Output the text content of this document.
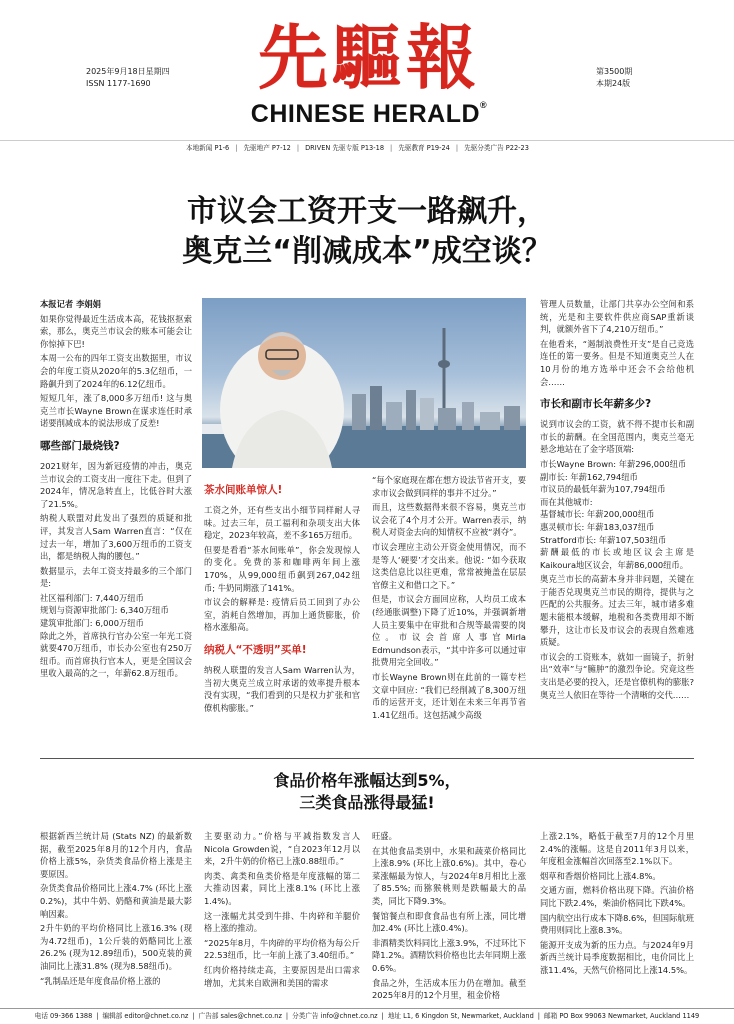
2025年9月18日星期四
ISSN 1177-1690	先驅報
CHINESE HERALD®
第3500期
本期24版
本地新闻 P1-6 | 先驱地产 P7-12 | DRIVEN 先驱专版 P13-18 | 先驱教育 P19-24 | 先驱分类广告 P22-23
市议会工资开支一路飙升，
奥克兰“削减成本”成空谈？

本报记者 李娟娟

如果你觉得最近生活成本高，花钱抠抠索索，那么，奥克兰市议会的账本可能会让你惊掉下巴!

本周一公布的四年工资支出数据里，市议会的年度工资从2020年的5.3亿纽币，一路飙升到了2024年的6.12亿纽币。

短短几年，涨了8,000多万纽币! 这与奥克兰市长Wayne Brown在谋求连任时承诺要削减成本的说法形成了反差!

哪些部门最烧钱?

2021财年，因为新冠疫情的冲击，奥克兰市议会的工资支出一度往下走。但到了2024年，情况急转直上，比低谷时大涨了21.5%。

纳税人联盟对此发出了强烈的质疑和批评，其发言人Sam Warren直言：“仅在过去一年，增加了3,600万纽币的工资支出，都是纳税人掏的腰包。”

数据显示，去年工资支持最多的三个部门是:

社区福利部门: 7,440万纽币
规划与资源审批部门: 6,340万纽币
建筑审批部门: 6,000万纽币

除此之外，首席执行官办公室一年光工资就要470万纽币，市长办公室也有250万纽币。而首席执行官本人，更是全国议会里收入最高的之一，年薪62.8万纽币。

茶水间账单惊人!

工资之外，还有些支出小细节同样耐人寻味。过去三年，员工福利和杂项支出大体稳定，2023年较高，差不多165万纽币。

但要是看看“茶水间账单”，你会发现惊人的变化。免费的茶和咖啡两年间上涨170%，从99,000纽币飙到267,042纽币; 牛奶同期涨了141%。

市议会的解释是: 疫情后员工回到了办公室，消耗自然增加，再加上通货膨胀，价格水涨船高。

纳税人“不透明”买单!

纳税人联盟的发言人Sam Warren认为，当初大奥克兰成立时承诺的效率提升根本没有实现，“我们看到的只是权力扩张和官僚机构膨胀。”

“每个家庭现在都在想方设法节省开支，要求市议会做到同样的事并不过分。”

而且，这些数据得来很不容易，奥克兰市议会花了4个月才公开。Warren表示，纳税人对资金去向的知情权不应被“剥夺”。

市议会理应主动公开资金使用情况，而不是等人‘硬要’才交出来。他说: “如今获取这类信息比以往更难，常常被掩盖在层层官僚主义和借口之下。”

但是，市议会方面回应称，人均员工成本(经通胀调整)下降了近10%，并强调新增人员主要集中在审批和合规等最需要的岗位。市议会首席人事官Mirla Edmundson表示，“其中许多可以通过审批费用完全回收。”

市长Wayne Brown则在此前的一篇专栏文章中回应: “我们已经削减了8,300万纽币的运营开支，还计划在未来三年再节省1.41亿纽币。这包括减少高级

管理人员数量，让部门共享办公空间和系统，光是和主要软件供应商SAP重新谈判，就额外省下了4,210万纽币。”

在他看来，“遏制浪费性开支”是自己竞选连任的第一要务。但是不知道奥克兰人在10月份的地方选举中还会不会给他机会……

市长和副市长年薪多少?

说到市议会的工资，就不得不提市长和副市长的薪酬。在全国范围内，奥克兰毫无悬念地站在了金字塔顶端:

市长Wayne Brown: 年薪296,000纽币
副市长: 年薪162,794纽币
市议员的最低年薪为107,794纽币
而在其他城市:
基督城市长: 年薪200,000纽币
惠灵顿市长: 年薪183,037纽币
Stratford市长: 年薪107,503纽币

薪酬最低的市长或地区议会主席是Kaikoura地区议会，年薪86,000纽币。

奥克兰市长的高薪本身并非问题，关键在于能否兑现奥克兰市民的期待，提供与之匹配的公共服务。过去三年，城市诸多难题未能根本缓解，地税和各类费用却不断攀升，这让市长及市议会的表现自然难逃质疑。

市议会的工资账本，就如一面镜子，折射出“效率”与“臃肿”的激烈争论。究竟这些支出是必要的投入，还是官僚机构的膨胀? 奥克兰人依旧在等待一个清晰的交代……

食品价格年涨幅达到5%，
三类食品涨得最猛!

根据新西兰统计局 (Stats NZ) 的最新数据，截至2025年8月的12个月内，食品价格上涨5%，杂货类食品价格上涨是主要原因。

杂货类食品价格同比上涨4.7% (环比上涨0.2%)，其中牛奶、奶酪和黄油是最大影响因素。

2升牛奶的平均价格同比上涨16.3% (现为4.72纽币)，1公斤装的奶酪同比上涨26.2% (现为12.89纽币)，500克装的黄油同比上涨31.8% (现为8.58纽币)。

“乳制品还是年度食品价格上涨的

主要驱动力。”价格与平减指数发言人Nicola Growden说，“自2023年12月以来，2升牛奶的价格已上涨0.88纽币。”

肉类、禽类和鱼类价格是年度涨幅的第二大推动因素，同比上涨8.1% (环比上涨1.4%)。

这一涨幅尤其受到牛排、牛肉碎和羊腿价格上涨的推动。

“2025年8月，牛肉碎的平均价格为每公斤22.53纽币，比一年前上涨了3.40纽币。”

红肉价格持续走高，主要原因是出口需求增加，尤其来自欧洲和美国的需求

旺盛。

在其他食品类别中，水果和蔬菜价格同比上涨8.9% (环比上涨0.6%)。其中，卷心菜涨幅最为惊人，与2024年8月相比上涨了85.5%; 而猕猴桃则是跌幅最大的品类，同比下降9.3%。

餐馆餐点和即食食品也有所上涨，同比增加2.4% (环比上涨0.4%)。

非酒精类饮料同比上涨3.9%，不过环比下降1.2%。酒精饮料价格也比去年同期上涨0.6%。

食品之外，生活成本压力仍在增加。截至2025年8月的12个月里，租金价格

上涨2.1%，略低于截至7月的12个月里2.4%的涨幅。这是自2011年3月以来，年度租金涨幅首次回落至2.1%以下。

烟草和香烟价格同比上涨4.8%。

交通方面，燃料价格出现下降。汽油价格同比下跌2.4%，柴油价格同比下跌4%。

国内航空出行成本下降8.6%，但国际航班费用则同比上涨8.3%。

能源开支成为新的压力点。与2024年9月新西兰统计局季度数据相比，电价同比上涨11.4%，天然气价格同比上涨14.5%。

电话 09-366 1388 | 编辑部 editor@chnet.co.nz | 广告部 sales@chnet.co.nz | 分类广告 info@chnet.co.nz | 地址 L1, 6 Kingdon St, Newmarket, Auckland | 邮箱 PO Box 99063 Newmarket, Auckland 1149
